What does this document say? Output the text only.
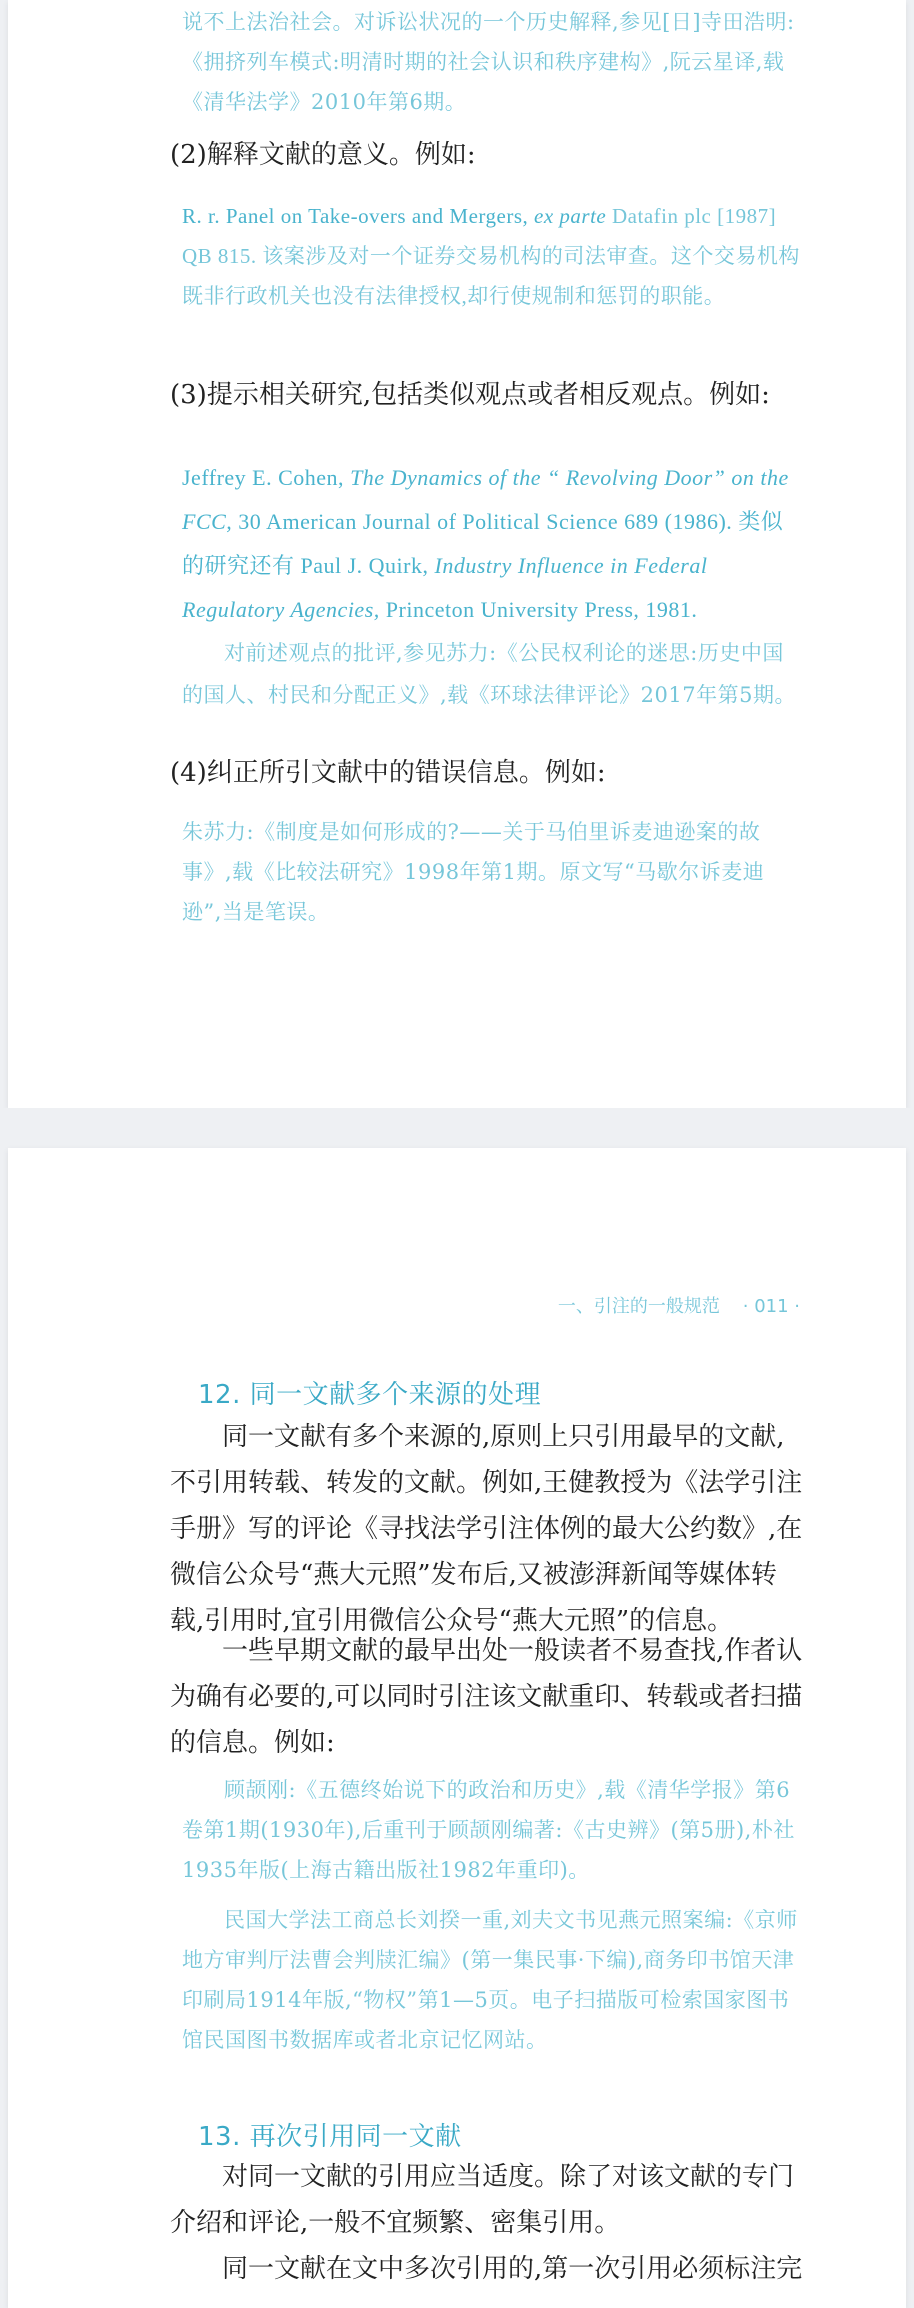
说不上法治社会。对诉讼状况的一个历史解释,参见[日]寺田浩明:《拥挤列车模式:明清时期的社会认识和秩序建构》,阮云星译,载《清华法学》2010年第6期。
(2)解释文献的意义。例如:
R. r. Panel on Take-overs and Mergers, ex parte Datafin plc [1987] QB 815. 该案涉及对一个证券交易机构的司法审查。这个交易机构既非行政机关也没有法律授权,却行使规制和惩罚的职能。
(3)提示相关研究,包括类似观点或者相反观点。例如:
Jeffrey E. Cohen, The Dynamics of the “ Revolving Door” on the FCC, 30 American Journal of Political Science 689 (1986). 类似的研究还有 Paul J. Quirk, Industry Influence in Federal Regulatory Agencies, Princeton University Press, 1981.
对前述观点的批评,参见苏力:《公民权利论的迷思:历史中国的国人、村民和分配正义》,载《环球法律评论》2017年第5期。
(4)纠正所引文献中的错误信息。例如:
朱苏力:《制度是如何形成的?——关于马伯里诉麦迪逊案的故事》,载《比较法研究》1998年第1期。原文写“马歇尔诉麦迪逊”,当是笔误。
一、引注的一般规范 · 011 ·
12. 同一文献多个来源的处理
同一文献有多个来源的,原则上只引用最早的文献,不引用转载、转发的文献。例如,王健教授为《法学引注手册》写的评论《寻找法学引注体例的最大公约数》,在微信公众号“燕大元照”发布后,又被澎湃新闻等媒体转载,引用时,宜引用微信公众号“燕大元照”的信息。
一些早期文献的最早出处一般读者不易查找,作者认为确有必要的,可以同时引注该文献重印、转载或者扫描的信息。例如:
顾颉刚:《五德终始说下的政治和历史》,载《清华学报》第6卷第1期(1930年),后重刊于顾颉刚编著:《古史辨》(第5册),朴社1935年版(上海古籍出版社1982年重印)。
民国大学法工商总长刘揆一重,刘夫文书见燕元照案编:《京师地方审判厅法曹会判牍汇编》(第一集民事·下编),商务印书馆天津印刷局1914年版,“物权”第1—5页。电子扫描版可检索国家图书馆民国图书数据库或者北京记忆网站。
13. 再次引用同一文献
对同一文献的引用应当适度。除了对该文献的专门介绍和评论,一般不宜频繁、密集引用。
同一文献在文中多次引用的,第一次引用必须标注完
